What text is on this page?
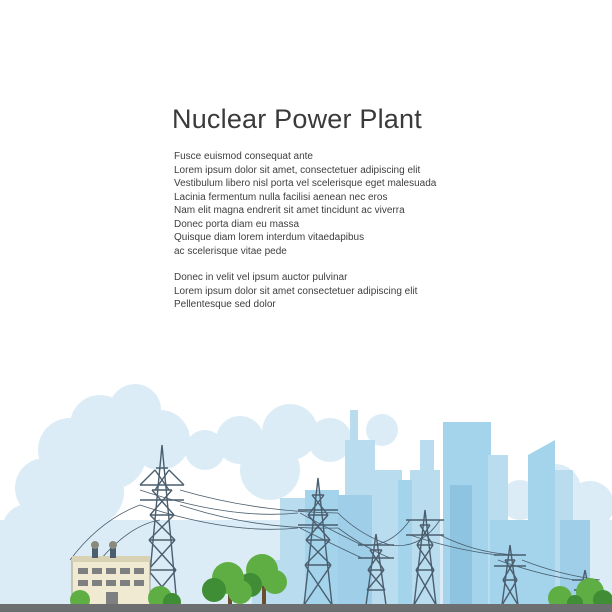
Nuclear Power Plant

Fusce euismod consequat ante

Lorem ipsum dolor sit amet, consectetuer adipiscing elit

Vestibulum libero nisl porta vel scelerisque eget malesuada

Lacinia fermentum nulla facilisi aenean nec eros

Nam elit magna endrerit sit amet tincidunt ac viverra

Donec porta diam eu massa

Quisque diam lorem interdum vitaedapibus

ac scelerisque vitae pede

Donec in velit vel ipsum auctor pulvinar

Lorem ipsum dolor sit amet consectetuer adipiscing elit

Pellentesque sed dolor
